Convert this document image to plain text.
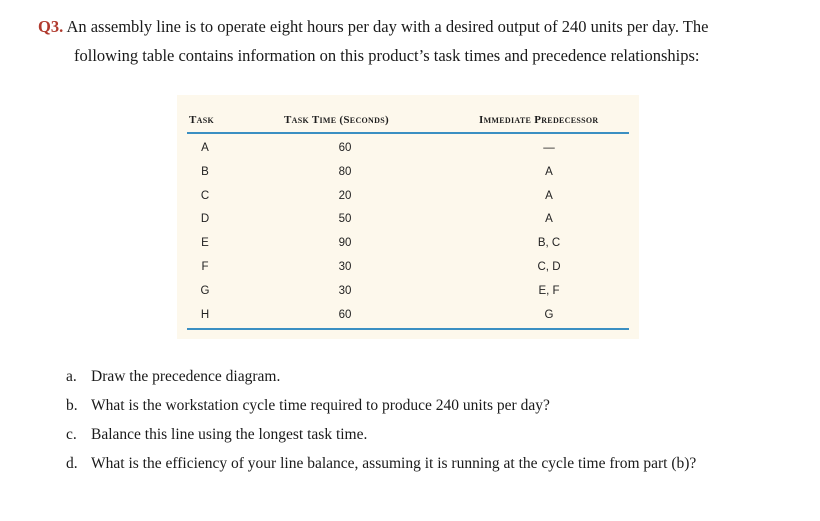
Q3. An assembly line is to operate eight hours per day with a desired output of 240 units per day. The
following table contains information on this product’s task times and precedence relationships:
Task	Task Time (Seconds)	Immediate Predecessor
A	60	—
B	80	A
C	20	A
D	50	A
E	90	B, C
F	30	C, D
G	30	E, F
H	60	G
a. Draw the precedence diagram.
b. What is the workstation cycle time required to produce 240 units per day?
c. Balance this line using the longest task time.
d. What is the efficiency of your line balance, assuming it is running at the cycle time from part (b)?
